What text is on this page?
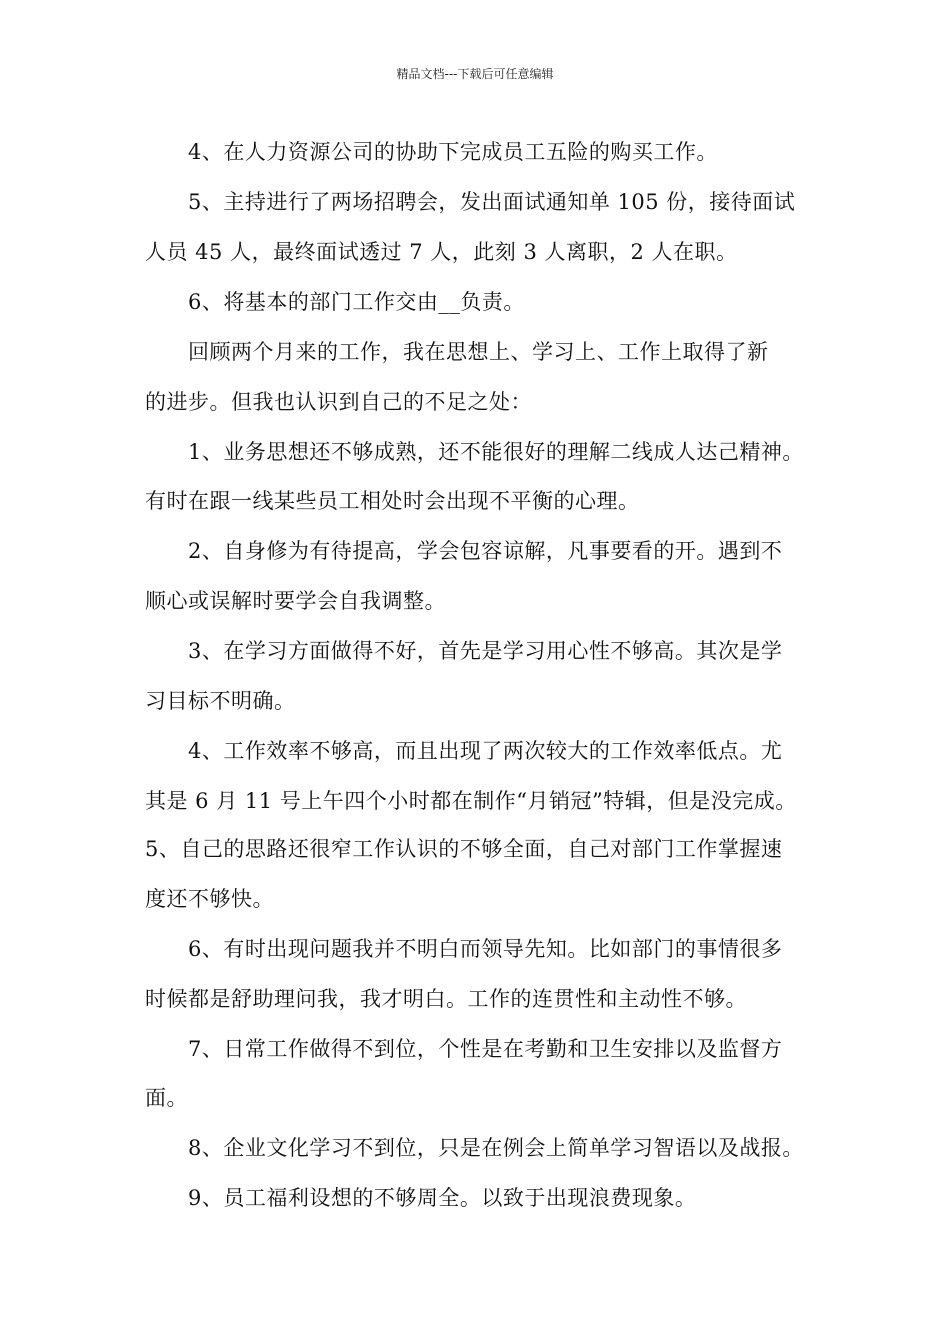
精品文档---下载后可任意编辑
4、在人力资源公司的协助下完成员工五险的购买工作。
5、主持进行了两场招聘会，发出面试通知单 105 份，接待面试
人员 45 人，最终面试透过 7 人，此刻 3 人离职，2 人在职。
6、将基本的部门工作交由__负责。
回顾两个月来的工作，我在思想上、学习上、工作上取得了新
的进步。但我也认识到自己的不足之处：
1、业务思想还不够成熟，还不能很好的理解二线成人达己精神。
有时在跟一线某些员工相处时会出现不平衡的心理。
2、自身修为有待提高，学会包容谅解，凡事要看的开。遇到不
顺心或误解时要学会自我调整。
3、在学习方面做得不好，首先是学习用心性不够高。其次是学
习目标不明确。
4、工作效率不够高，而且出现了两次较大的工作效率低点。尤
其是 6 月 11 号上午四个小时都在制作“月销冠”特辑，但是没完成。
5、自己的思路还很窄工作认识的不够全面，自己对部门工作掌握速
度还不够快。
6、有时出现问题我并不明白而领导先知。比如部门的事情很多
时候都是舒助理问我，我才明白。工作的连贯性和主动性不够。
7、日常工作做得不到位，个性是在考勤和卫生安排以及监督方
面。
8、企业文化学习不到位，只是在例会上简单学习智语以及战报。
9、员工福利设想的不够周全。以致于出现浪费现象。
